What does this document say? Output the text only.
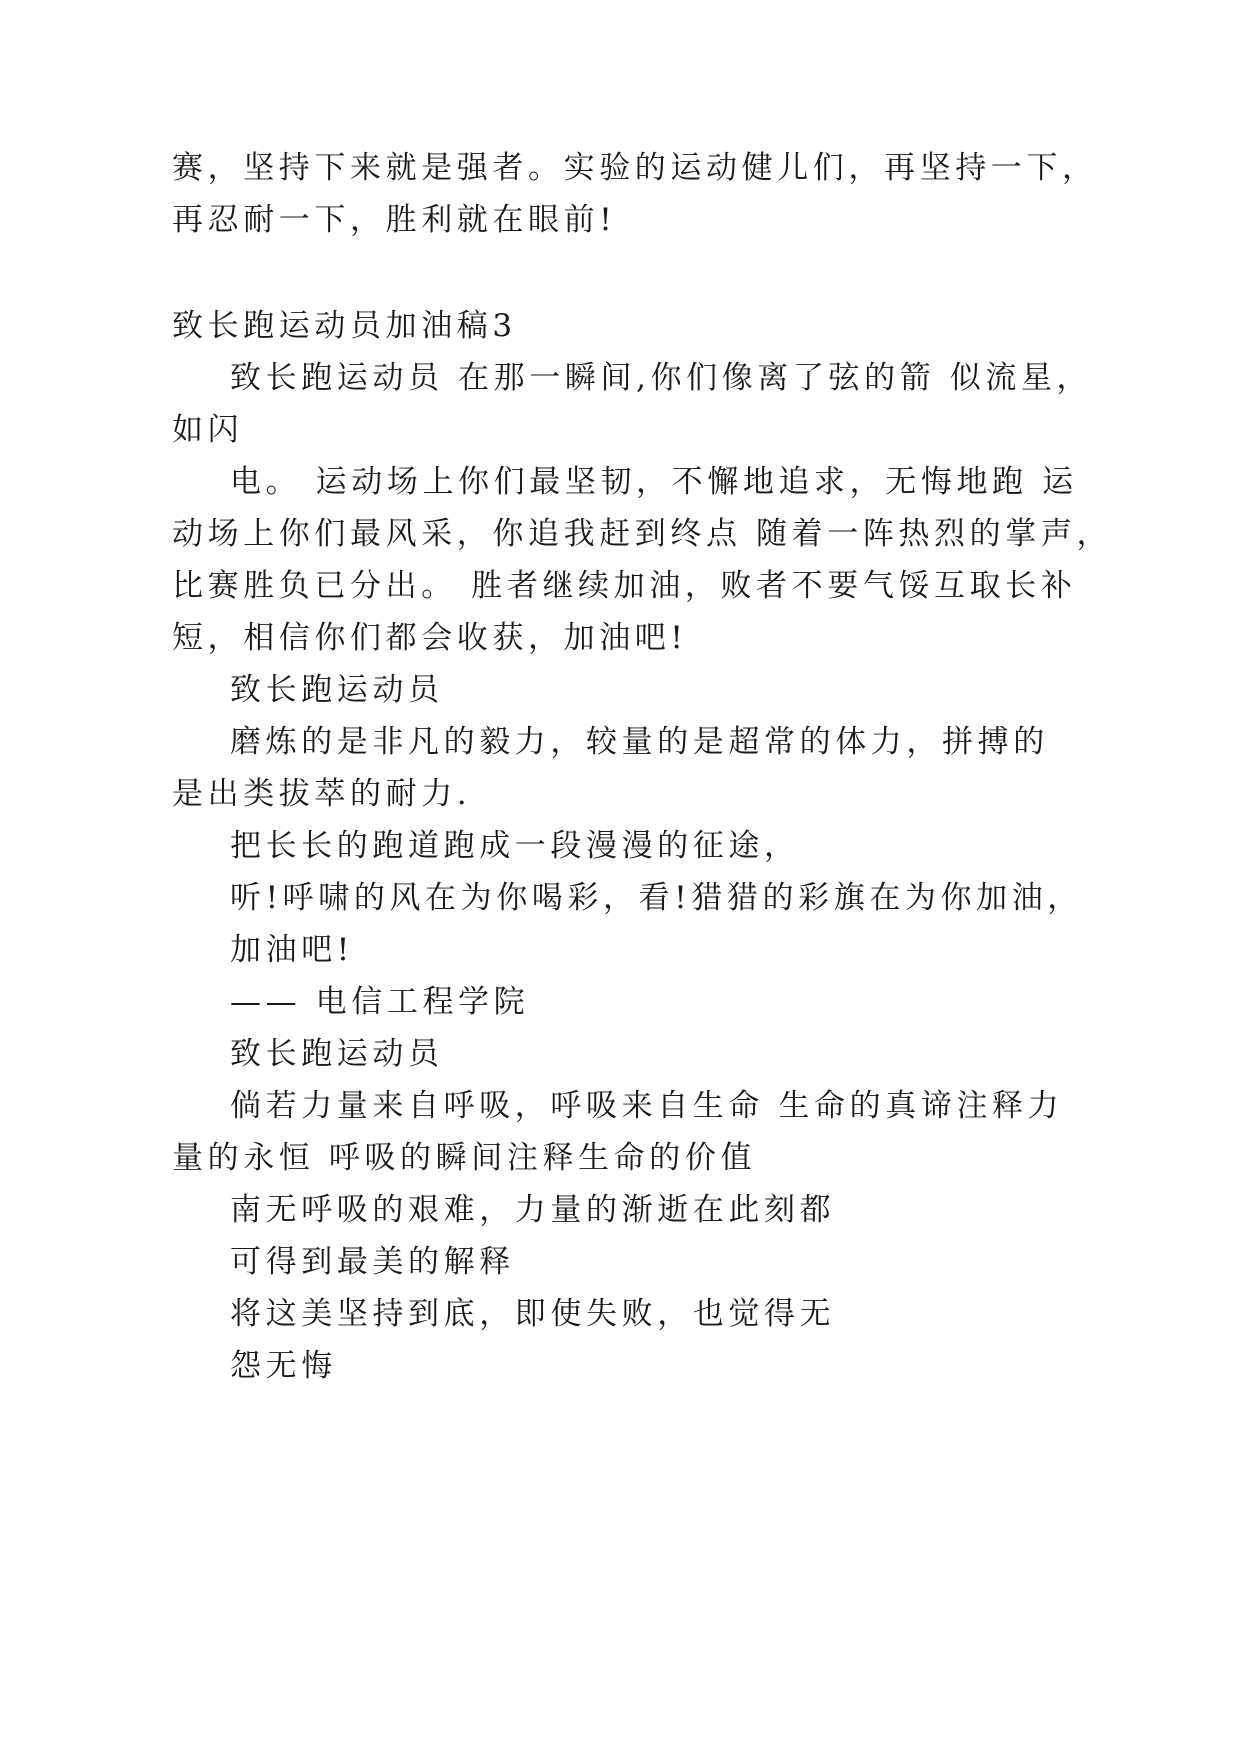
赛，坚持下来就是强者。实验的运动健儿们，再坚持一下，
再忍耐一下，胜利就在眼前!
致长跑运动员加油稿3
致长跑运动员 在那一瞬间,你们像离了弦的箭 似流星，
如闪
电。 运动场上你们最坚韧，不懈地追求，无悔地跑 运
动场上你们最风采，你追我赶到终点 随着一阵热烈的掌声，
比赛胜负已分出。 胜者继续加油，败者不要气馁互取长补
短，相信你们都会收获，加油吧!
致长跑运动员
磨炼的是非凡的毅力，较量的是超常的体力，拼搏的
是出类拔萃的耐力.
把长长的跑道跑成一段漫漫的征途，
听!呼啸的风在为你喝彩，看!猎猎的彩旗在为你加油，
加油吧!
—— 电信工程学院
致长跑运动员
倘若力量来自呼吸，呼吸来自生命 生命的真谛注释力
量的永恒 呼吸的瞬间注释生命的价值
南无呼吸的艰难，力量的渐逝在此刻都
可得到最美的解释
将这美坚持到底，即使失败，也觉得无
怨无悔
